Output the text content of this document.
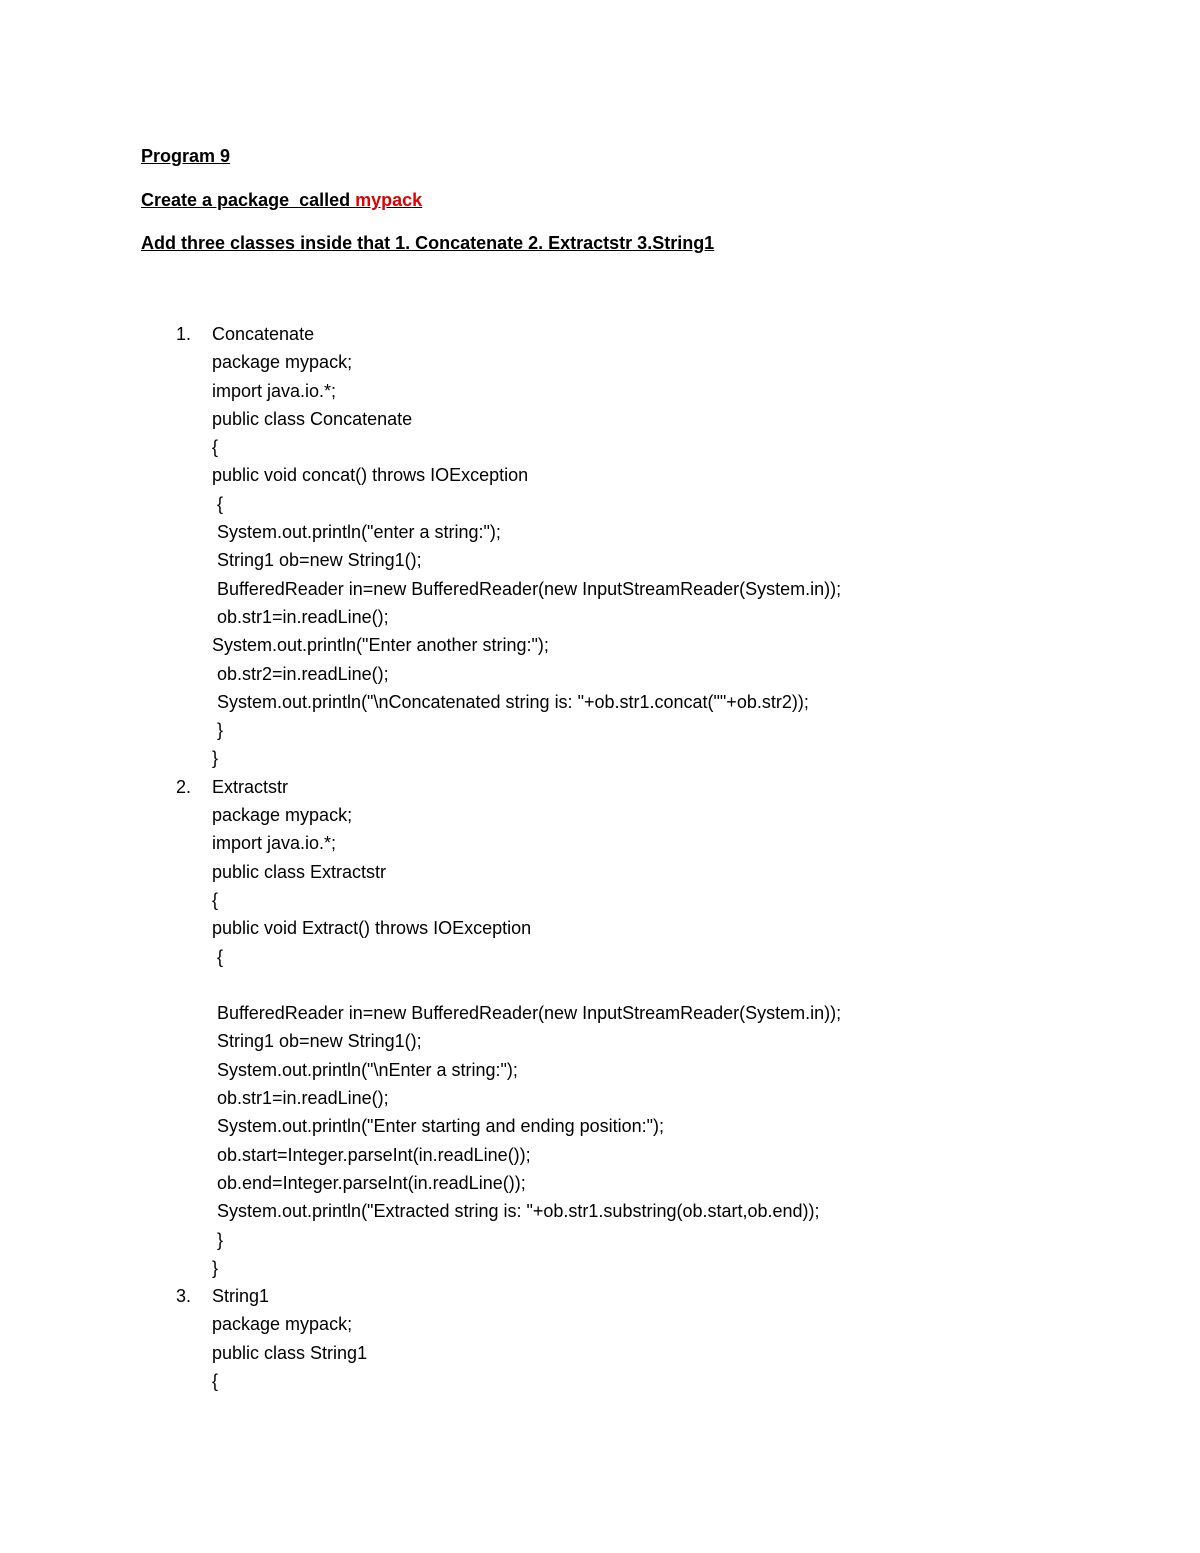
Program 9
Create a package  called mypack
Add three classes inside that 1. Concatenate 2. Extractstr 3.String1
1.	Concatenate
package mypack;
import java.io.*;
public class Concatenate
{
public void concat() throws IOException
{
System.out.println("enter a string:");
String1 ob=new String1();
BufferedReader in=new BufferedReader(new InputStreamReader(System.in));
ob.str1=in.readLine();
System.out.println("Enter another string:");
ob.str2=in.readLine();
System.out.println("\nConcatenated string is: "+ob.str1.concat(""+ob.str2));
}
}
2.	Extractstr
package mypack;
import java.io.*;
public class Extractstr
{
public void Extract() throws IOException
{
BufferedReader in=new BufferedReader(new InputStreamReader(System.in));
String1 ob=new String1();
System.out.println("\nEnter a string:");
ob.str1=in.readLine();
System.out.println("Enter starting and ending position:");
ob.start=Integer.parseInt(in.readLine());
ob.end=Integer.parseInt(in.readLine());
System.out.println("Extracted string is: "+ob.str1.substring(ob.start,ob.end));
}
}
3.	String1
package mypack;
public class String1
{
